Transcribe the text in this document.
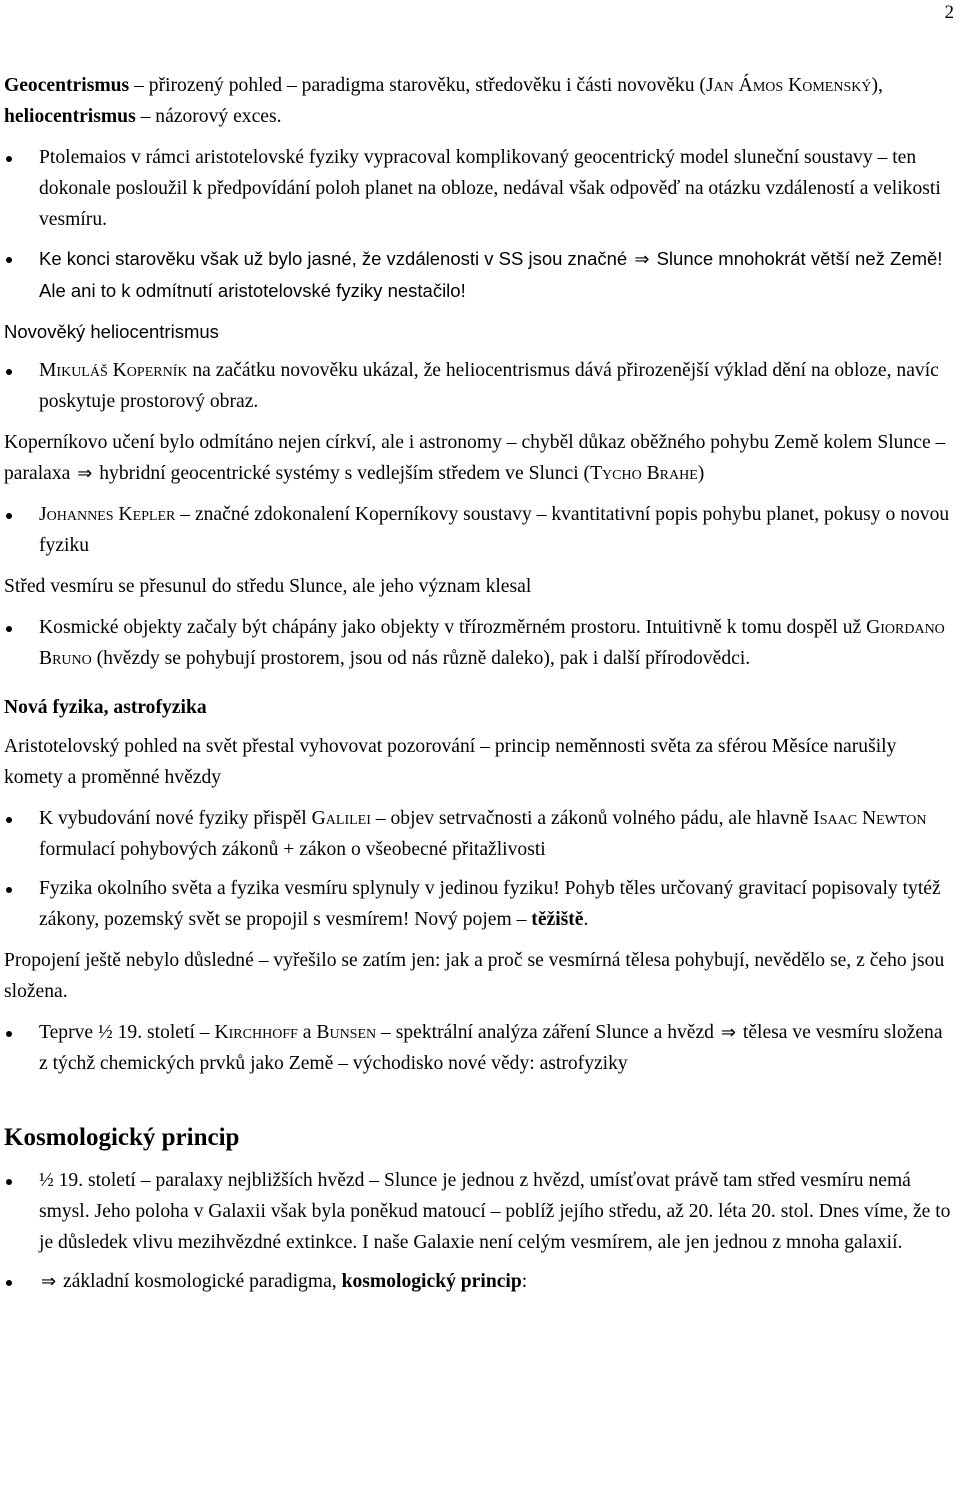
2

Geocentrismus – přirozený pohled – paradigma starověku, středověku i části novověku (Jan Ámos Komenský), heliocentrismus – názorový exces.

Ptolemaios v rámci aristotelovské fyziky vypracoval komplikovaný geocentrický model sluneční soustavy – ten dokonale posloužil k předpovídání poloh planet na obloze, nedával však odpověď na otázku vzdáleností a velikosti vesmíru.
Ke konci starověku však už bylo jasné, že vzdálenosti v SS jsou značné ⇒ Slunce mnohokrát větší než Země! Ale ani to k odmítnutí aristotelovské fyziky nestačilo!
Novověký heliocentrismus
Mikuláš Koperník na začátku novověku ukázal, že heliocentrismus dává přirozenější výklad dění na obloze, navíc poskytuje prostorový obraz.

Koperníkovo učení bylo odmítáno nejen církví, ale i astronomy – chyběl důkaz oběžného pohybu Země kolem Slunce – paralaxa ⇒ hybridní geocentrické systémy s vedlejším středem ve Slunci (Tycho Brahe)

Johannes Kepler – značné zdokonalení Koperníkovy soustavy – kvantitativní popis pohybu planet, pokusy o novou fyziku

Střed vesmíru se přesunul do středu Slunce, ale jeho význam klesal

Kosmické objekty začaly být chápány jako objekty v třírozměrném prostoru. Intuitivně k tomu dospěl už Giordano Bruno (hvězdy se pohybují prostorem, jsou od nás různě daleko), pak i další přírodovědci.
Nová fyzika, astrofyzika

Aristotelovský pohled na svět přestal vyhovovat pozorování – princip neměnnosti světa za sférou Měsíce narušily komety a proměnné hvězdy

K vybudování nové fyziky přispěl Galilei – objev setrvačnosti a zákonů volného pádu, ale hlavně Isaac Newton formulací pohybových zákonů + zákon o všeobecné přitažlivosti
Fyzika okolního světa a fyzika vesmíru splynuly v jedinou fyziku! Pohyb těles určovaný gravitací popisovaly tytéž zákony, pozemský svět se propojil s vesmírem! Nový pojem – těžiště.

Propojení ještě nebylo důsledné – vyřešilo se zatím jen: jak a proč se vesmírná tělesa pohybují, nevědělo se, z čeho jsou složena.

Teprve ½ 19. století – Kirchhoff a Bunsen – spektrální analýza záření Slunce a hvězd ⇒ tělesa ve vesmíru složena z týchž chemických prvků jako Země – východisko nové vědy: astrofyziky
Kosmologický princip
½ 19. století – paralaxy nejbližších hvězd – Slunce je jednou z hvězd, umísťovat právě tam střed vesmíru nemá smysl. Jeho poloha v Galaxii však byla poněkud matoucí – poblíž jejího středu, až 20. léta 20. stol. Dnes víme, že to je důsledek vlivu mezihvězdné extinkce. I naše Galaxie není celým vesmírem, ale jen jednou z mnoha galaxií.
⇒ základní kosmologické paradigma, kosmologický princip:
